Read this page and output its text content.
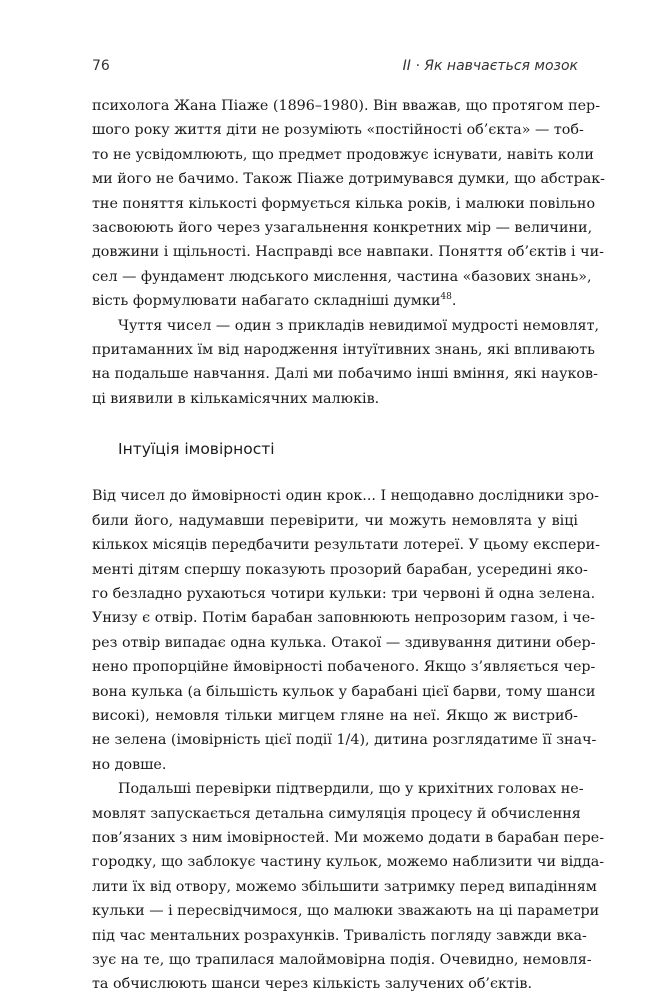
76	ІІ · Як навчається мозок
психолога Жана Піаже (1896–1980). Він вважав, що протягом пер-
шого року життя діти не розуміють «постійності об’єкта» — тоб-
то не усвідомлюють, що предмет продовжує існувати, навіть коли
ми його не бачимо. Також Піаже дотримувався думки, що абстрак-
тне поняття кількості формується кілька років, і малюки повільно
засвоюють його через узагальнення конкретних мір — величини,
довжини і щільності. Насправді все навпаки. Поняття об’єктів і чи-
сел — фундамент людського мислення, частина «базових знань»,
вість формулювати набагато складніші думки$^{48}$.
Чуття чисел — один з прикладів невидимої мудрості немовлят,
притаманних їм від народження інтуїтивних знань, які впливають
на подальше навчання. Далі ми побачимо інші вміння, які науков-
ці виявили в кількамісячних малюків.
Інтуїція імовірності
Від чисел до ймовірності один крок... І нещодавно дослідники зро-
били його, надумавши перевірити, чи можуть немовлята у віці
кількох місяців передбачити результати лотереї. У цьому експери-
менті дітям спершу показують прозорий барабан, усередині яко-
го безладно рухаються чотири кульки: три червоні й одна зелена.
Унизу є отвір. Потім барабан заповнюють непрозорим газом, і че-
рез отвір випадає одна кулька. Отакої — здивування дитини обер-
нено пропорційне ймовірності побаченого. Якщо з’являється чер-
вона кулька (а більшість кульок у барабані цієї барви, тому шанси
високі), немовля тільки мигцем гляне на неї. Якщо ж вистриб-
не зелена (імовірність цієї події 1/4), дитина розглядатиме її знач-
но довше.
Подальші перевірки підтвердили, що у крихітних головах не-
мовлят запускається детальна симуляція процесу й обчислення
пов’язаних з ним імовірностей. Ми можемо додати в барабан пере-
городку, що заблокує частину кульок, можемо наблизити чи відда-
лити їх від отвору, можемо збільшити затримку перед випадінням
кульки — і пересвідчимося, що малюки зважають на ці параметри
під час ментальних розрахунків. Тривалість погляду завжди вка-
зує на те, що трапилася малоймовірна подія. Очевидно, немовля-
та обчислюють шанси через кількість залучених об’єктів.
